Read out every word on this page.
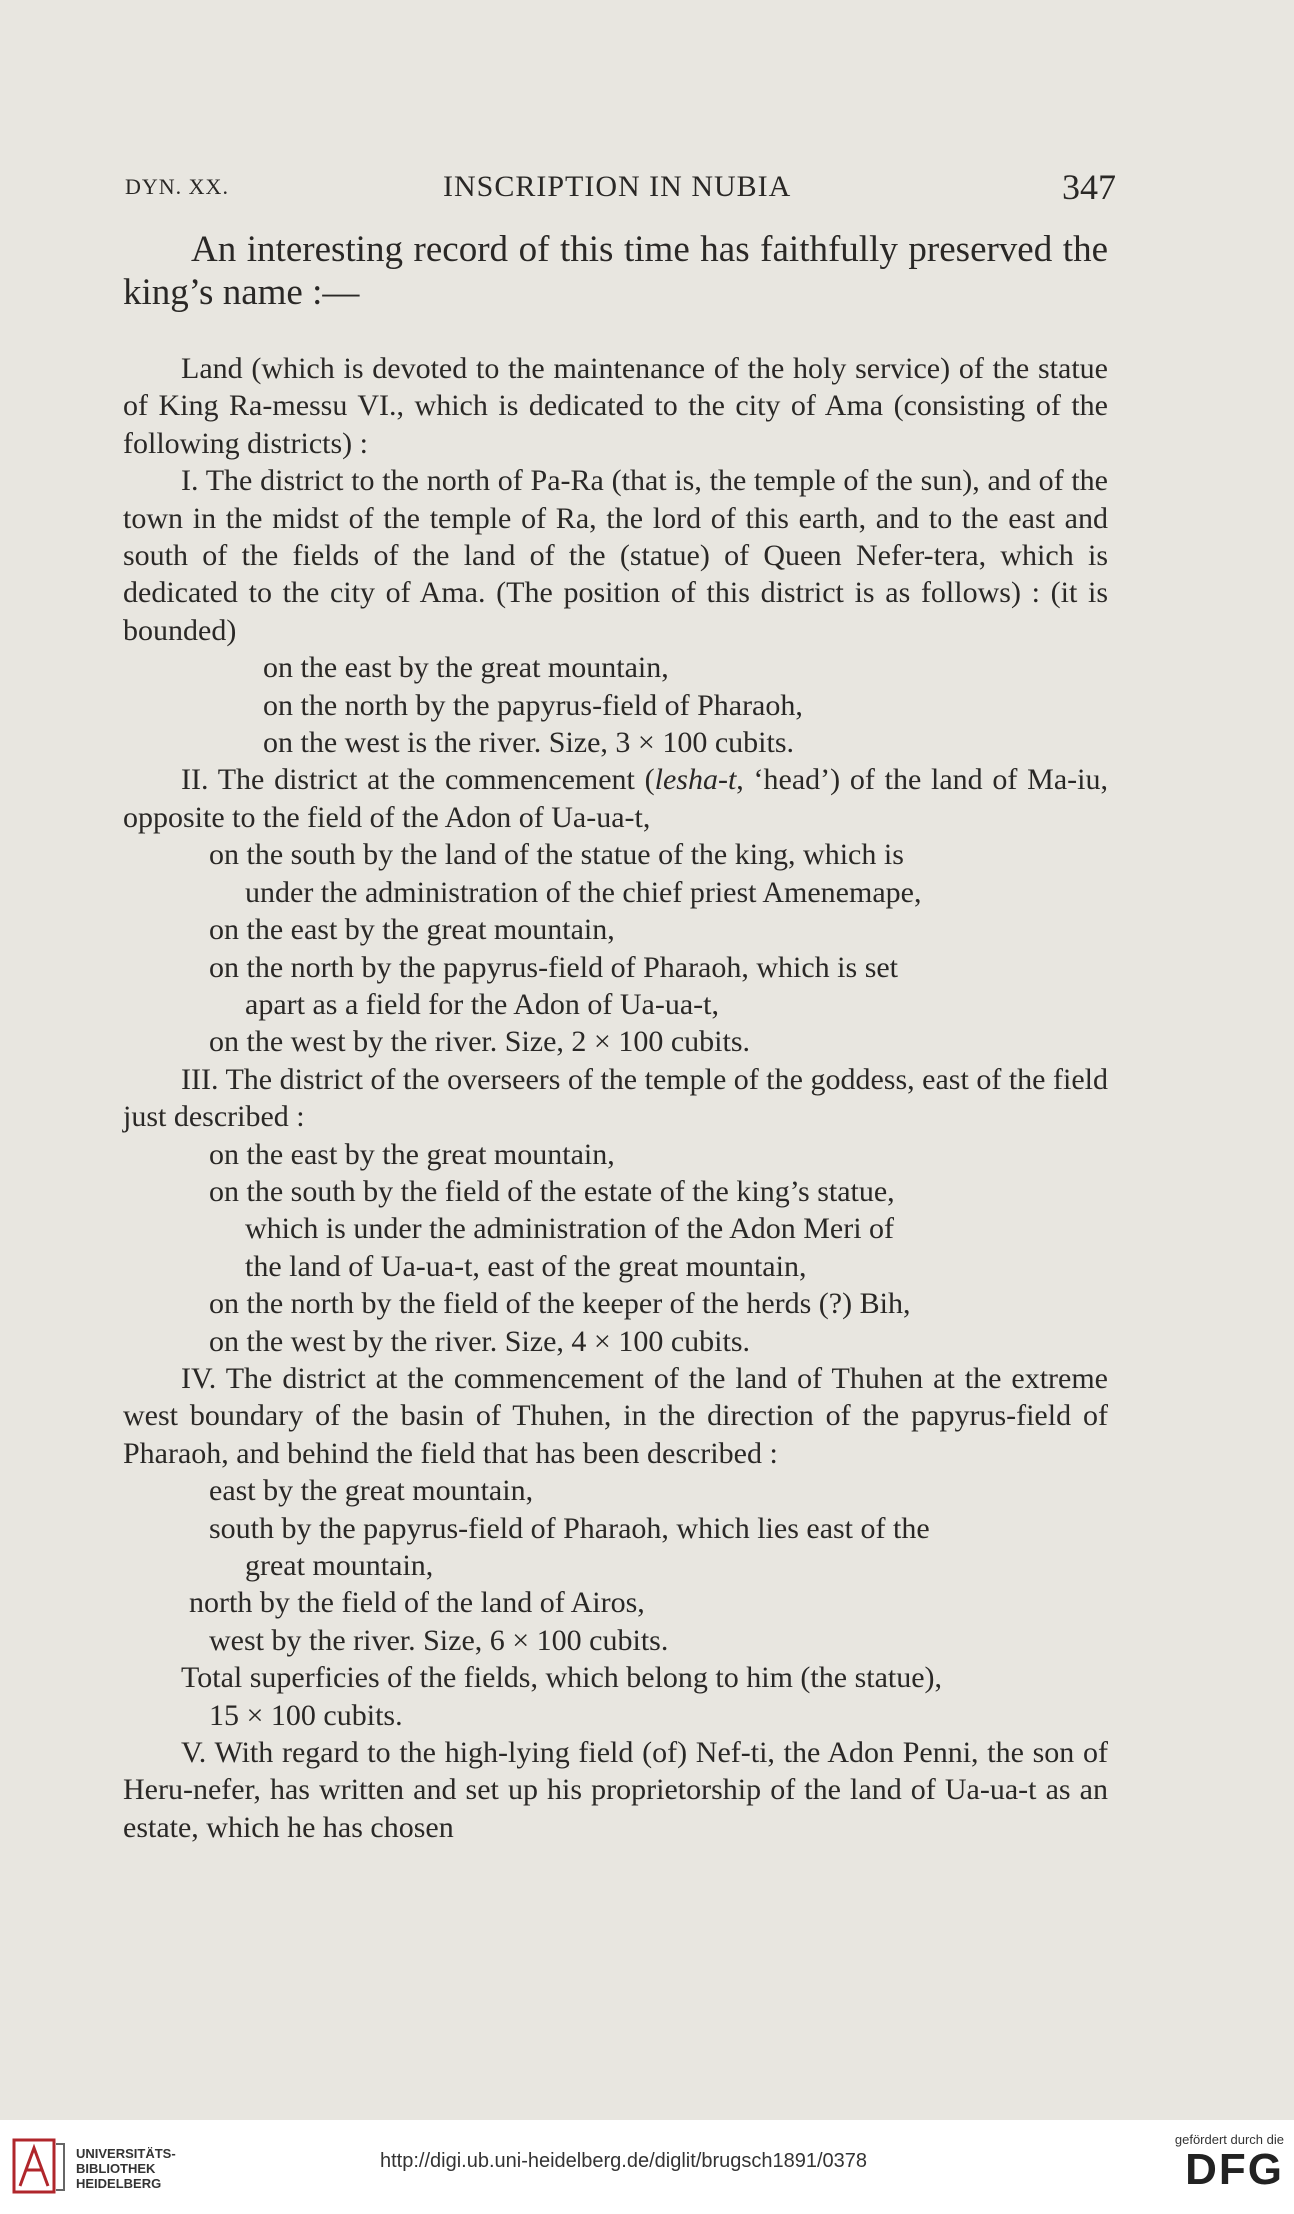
DYN. XX.	INSCRIPTION IN NUBIA	347

An interesting record of this time has faithfully preserved the king’s name :—

Land (which is devoted to the maintenance of the holy service) of the statue of King Ra-messu VI., which is dedicated to the city of Ama (consisting of the following districts) :

I. The district to the north of Pa-Ra (that is, the temple of the sun), and of the town in the midst of the temple of Ra, the lord of this earth, and to the east and south of the fields of the land of the (statue) of Queen Nefer-tera, which is dedicated to the city of Ama. (The position of this district is as follows) : (it is bounded)

on the east by the great mountain,

on the north by the papyrus-field of Pharaoh,

on the west is the river. Size, 3 × 100 cubits.

II. The district at the commencement (lesha-t, ‘head’) of the land of Ma-iu, opposite to the field of the Adon of Ua-ua-t,

on the south by the land of the statue of the king, which is

under the administration of the chief priest Amenemape,

on the east by the great mountain,

on the north by the papyrus-field of Pharaoh, which is set

apart as a field for the Adon of Ua-ua-t,

on the west by the river. Size, 2 × 100 cubits.

III. The district of the overseers of the temple of the goddess, east of the field just described :

on the east by the great mountain,

on the south by the field of the estate of the king’s statue,

which is under the administration of the Adon Meri of

the land of Ua-ua-t, east of the great mountain,

on the north by the field of the keeper of the herds (?) Bih,

on the west by the river. Size, 4 × 100 cubits.

IV. The district at the commencement of the land of Thuhen at the extreme west boundary of the basin of Thuhen, in the direction of the papyrus-field of Pharaoh, and behind the field that has been described :

east by the great mountain,

south by the papyrus-field of Pharaoh, which lies east of the

great mountain,

north by the field of the land of Airos,

west by the river. Size, 6 × 100 cubits.

Total superficies of the fields, which belong to him (the statue),

15 × 100 cubits.

V. With regard to the high-lying field (of) Nef-ti, the Adon Penni, the son of Heru-nefer, has written and set up his proprietorship of the land of Ua-ua-t as an estate, which he has chosen

UNIVERSITÄTS-
BIBLIOTHEK
HEIDELBERG
http://digi.ub.uni-heidelberg.de/diglit/brugsch1891/0378
gefördert durch die
DFG
